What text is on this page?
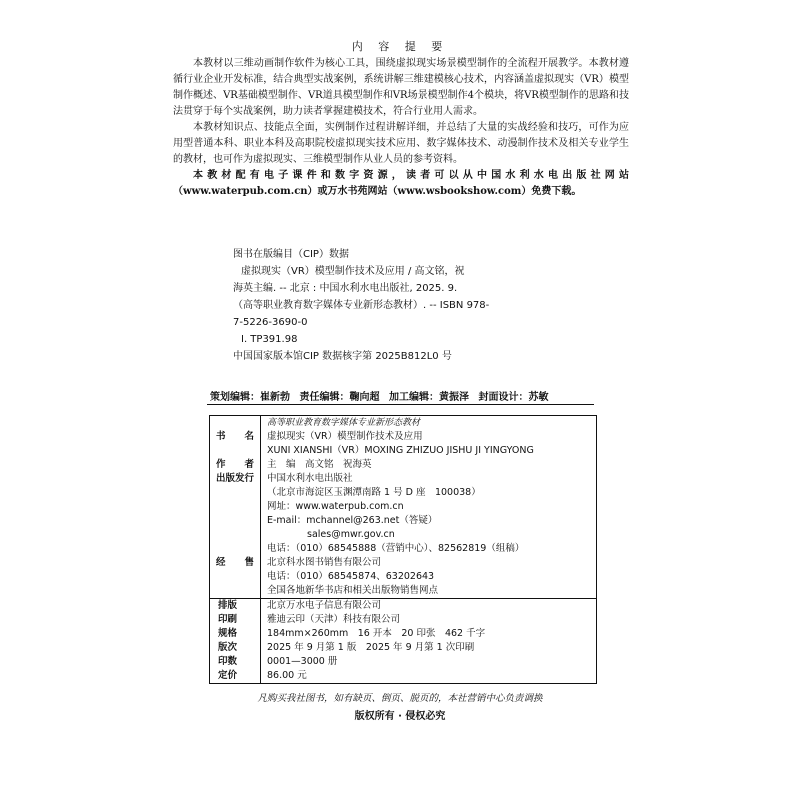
内 容 提 要
本教材以三维动画制作软件为核心工具，围绕虚拟现实场景模型制作的全流程开展教学。本教材遵循行业企业开发标准，结合典型实战案例，系统讲解三维建模核心技术，内容涵盖虚拟现实（VR）模型制作概述、VR基础模型制作、VR道具模型制作和VR场景模型制作4个模块，将VR模型制作的思路和技法贯穿于每个实战案例，助力读者掌握建模技术，符合行业用人需求。
本教材知识点、技能点全面，实例制作过程讲解详细，并总结了大量的实战经验和技巧，可作为应用型普通本科、职业本科及高职院校虚拟现实技术应用、数字媒体技术、动漫制作技术及相关专业学生的教材，也可作为虚拟现实、三维模型制作从业人员的参考资料。
本教材配有电子课件和数字资源，读者可以从中国水利水电出版社网站（www.waterpub.com.cn）或万水书苑网站（www.wsbookshow.com）免费下载。
图书在版编目（CIP）数据
虚拟现实（VR）模型制作技术及应用 / 高文铭，祝
海英主编. -- 北京 : 中国水利水电出版社, 2025. 9.
（高等职业教育数字媒体专业新形态教材）. -- ISBN 978-
7-5226-3690-0
Ⅰ. TP391.98
中国国家版本馆CIP 数据核字第 2025B812L0 号
策划编辑：崔新勃 责任编辑：鞠向超 加工编辑：黄振泽 封面设计：苏敏
书　　名
作　　者
出版发行
高等职业教育数字媒体专业新形态教材
虚拟现实（VR）模型制作技术及应用
XUNI XIANSHI（VR）MOXING ZHIZUO JISHU JI YINGYONG
主　编　高文铭　祝海英
中国水利水电出版社
（北京市海淀区玉渊潭南路 1 号 D 座　100038）
网址：www.waterpub.com.cn
E-mail：mchannel@263.net（答疑）
sales@mwr.gov.cn
电话：（010）68545888（营销中心）、82562819（组稿）
经　　售	北京科水图书销售有限公司
电话：（010）68545874、63202643
全国各地新华书店和相关出版物销售网点
排版
印刷
规格
版次
印数
定价
北京万水电子信息有限公司
雅迪云印（天津）科技有限公司
184mm×260mm　16 开本　20 印张　462 千字
2025 年 9 月第 1 版　2025 年 9 月第 1 次印刷
0001—3000 册
86.00 元
凡购买我社图书，如有缺页、倒页、脱页的，本社营销中心负责调换
版权所有 · 侵权必究
